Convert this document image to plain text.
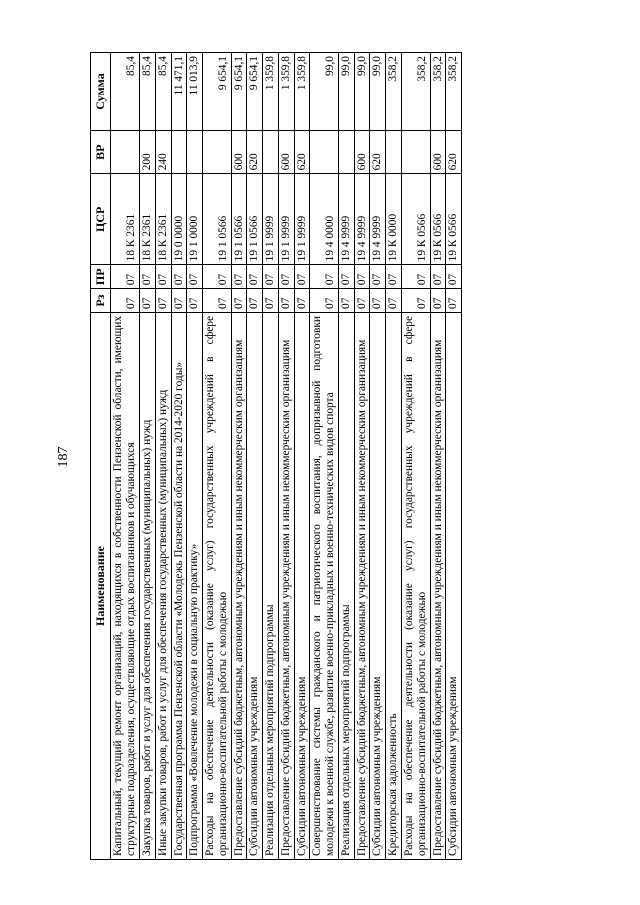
187
Наименование	Рз	ПР	ЦСР	ВР	Сумма
Капитальный, текущий ремонт организаций, находящихся в собственности Пензенской области, имеющих структурные подразделения, осуществляющие отдых воспитанников и обучающихся	07	07	18 К 2361		85,4
Закупка товаров, работ и услуг для обеспечения государственных (муниципальных) нужд	07	07	18 К 2361	200	85,4
Иные закупки товаров, работ и услуг для обеспечения государственных (муниципальных) нужд	07	07	18 К 2361	240	85,4
Государственная программа Пензенской области «Молодежь Пензенской области на 2014-2020 годы»	07	07	19 0 0000		11 471,1
Подпрограмма «Вовлечение молодежи в социальную практику»	07	07	19 1 0000		11 013,9
Расходы на обеспечение деятельности (оказание услуг) государственных учреждений в сфере организационно-воспитательной работы с молодежью	07	07	19 1 0566		9 654,1
Предоставление субсидий бюджетным, автономным учреждениям и иным некоммерческим организациям	07	07	19 1 0566	600	9 654,1
Субсидии автономным учреждениям	07	07	19 1 0566	620	9 654,1
Реализация отдельных мероприятий подпрограммы	07	07	19 1 9999		1 359,8
Предоставление субсидий бюджетным, автономным учреждениям и иным некоммерческим организациям	07	07	19 1 9999	600	1 359,8
Субсидии автономным учреждениям	07	07	19 1 9999	620	1 359,8
Совершенствование системы гражданского и патриотического воспитания, допризывной подготовки молодежи к военной службе, развитие военно-прикладных и военно-технических видов спорта	07	07	19 4 0000		99,0
Реализация отдельных мероприятий подпрограммы	07	07	19 4 9999		99,0
Предоставление субсидий бюджетным, автономным учреждениям и иным некоммерческим организациям	07	07	19 4 9999	600	99,0
Субсидии автономным учреждениям	07	07	19 4 9999	620	99,0
Кредиторская задолженность	07	07	19 К 0000		358,2
Расходы на обеспечение деятельности (оказание услуг) государственных учреждений в сфере организационно-воспитательной работы с молодежью	07	07	19 К 0566		358,2
Предоставление субсидий бюджетным, автономным учреждениям и иным некоммерческим организациям	07	07	19 К 0566	600	358,2
Субсидии автономным учреждениям	07	07	19 К 0566	620	358,2
